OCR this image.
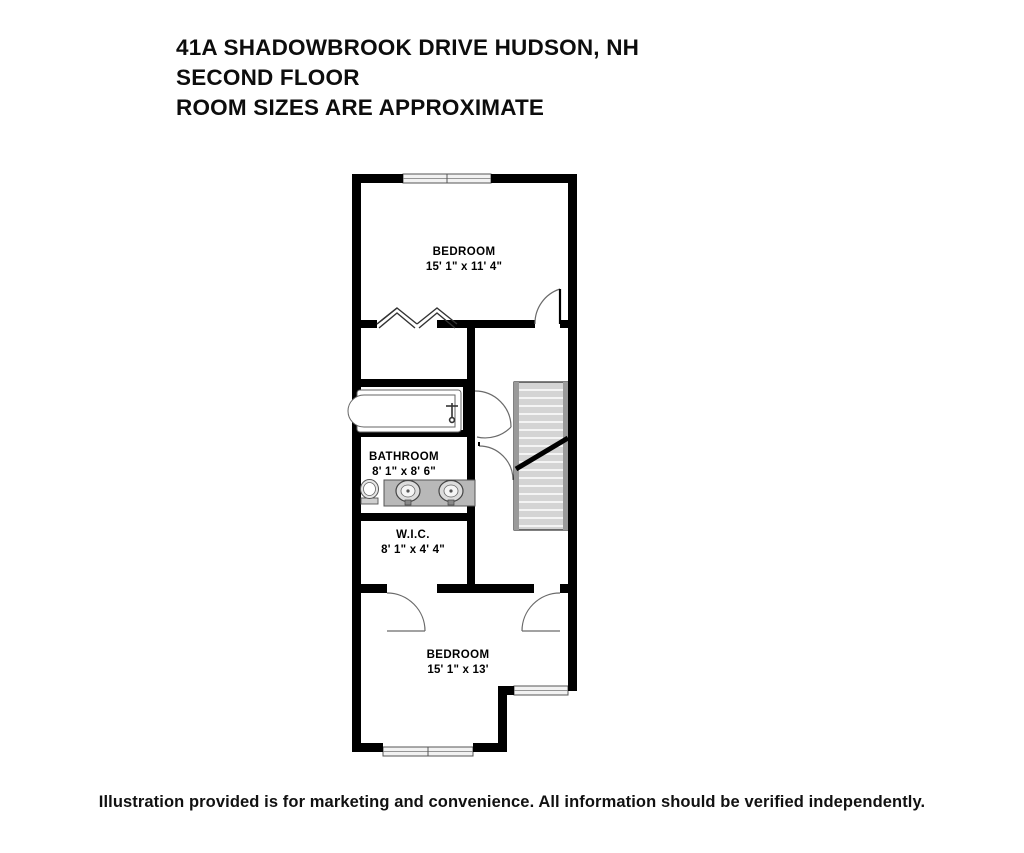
41A SHADOWBROOK DRIVE HUDSON, NH
SECOND FLOOR
ROOM SIZES ARE APPROXIMATE
BEDROOM
15' 1" x 11' 4"
BATHROOM
8' 1" x 8' 6"
W.I.C.
8' 1" x 4' 4"
BEDROOM
15' 1" x 13'
Illustration provided is for marketing and convenience. All information should be verified independently.
